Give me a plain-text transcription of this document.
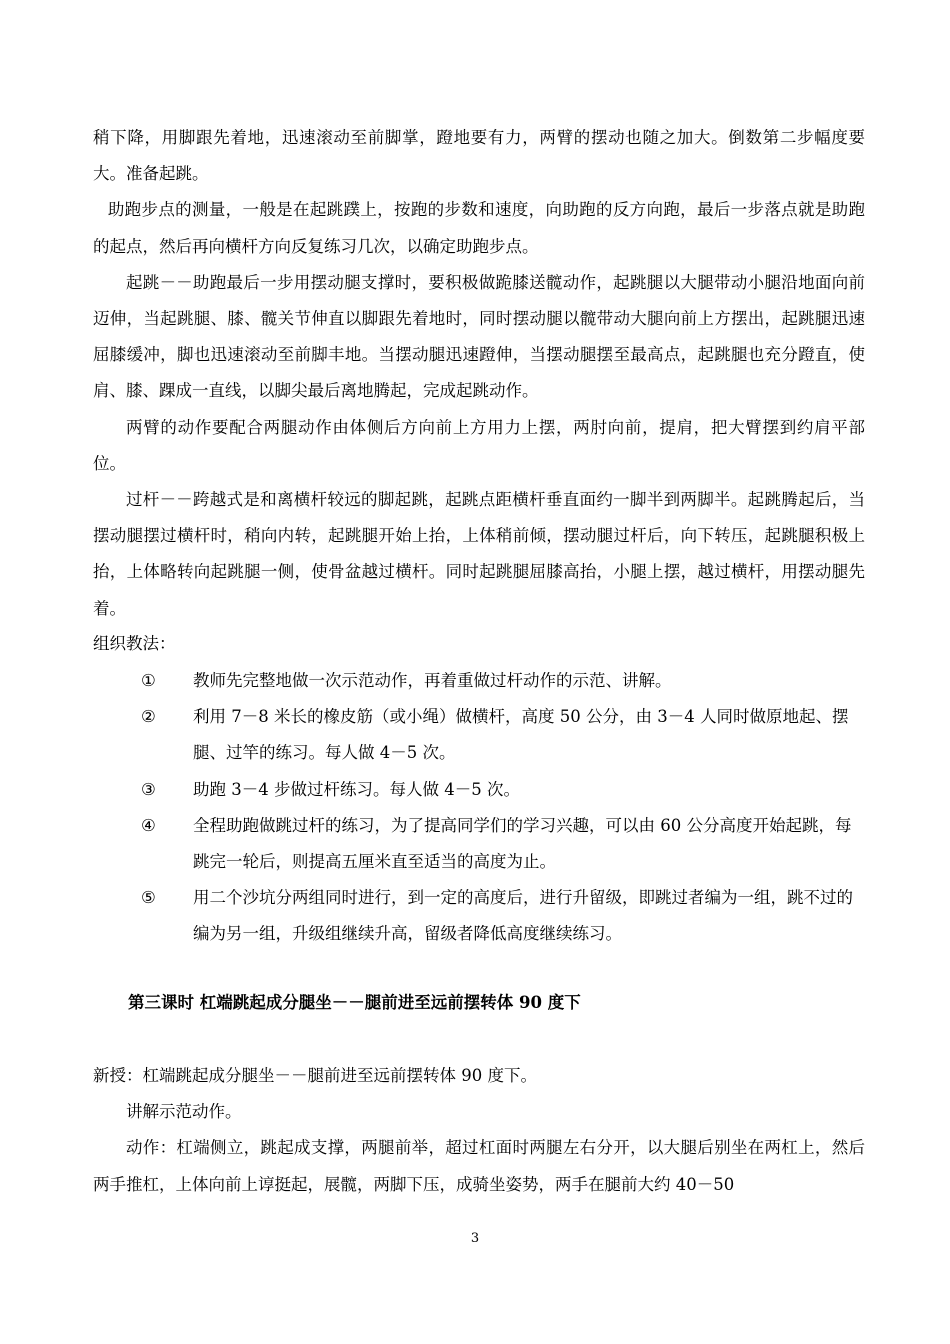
稍下降，用脚跟先着地，迅速滚动至前脚掌，蹬地要有力，两臂的摆动也随之加大。倒数第二步幅度要大。准备起跳。

助跑步点的测量，一般是在起跳蹼上，按跑的步数和速度，向助跑的反方向跑，最后一步落点就是助跑的起点，然后再向横杆方向反复练习几次，以确定助跑步点。

起跳－－助跑最后一步用摆动腿支撑时，要积极做跪膝送髋动作，起跳腿以大腿带动小腿沿地面向前迈伸，当起跳腿、膝、髋关节伸直以脚跟先着地时，同时摆动腿以髋带动大腿向前上方摆出，起跳腿迅速屈膝缓冲，脚也迅速滚动至前脚丰地。当摆动腿迅速蹬伸，当摆动腿摆至最高点，起跳腿也充分蹬直，使肩、膝、踝成一直线，以脚尖最后离地腾起，完成起跳动作。

两臂的动作要配合两腿动作由体侧后方向前上方用力上摆，两肘向前，提肩，把大臂摆到约肩平部位。

过杆－－跨越式是和离横杆较远的脚起跳，起跳点距横杆垂直面约一脚半到两脚半。起跳腾起后，当摆动腿摆过横杆时，稍向内转，起跳腿开始上抬，上体稍前倾，摆动腿过杆后，向下转压，起跳腿积极上抬，上体略转向起跳腿一侧，使骨盆越过横杆。同时起跳腿屈膝高抬，小腿上摆，越过横杆，用摆动腿先着。

组织教法：

① 教师先完整地做一次示范动作，再着重做过杆动作的示范、讲解。
② 利用 7－8 米长的橡皮筋（或小绳）做横杆，高度 50 公分，由 3－4 人同时做原地起、摆腿、过竿的练习。每人做 4－5 次。
③ 助跑 3－4 步做过杆练习。每人做 4－5 次。
④ 全程助跑做跳过杆的练习，为了提高同学们的学习兴趣，可以由 60 公分高度开始起跳，每跳完一轮后，则提高五厘米直至适当的高度为止。
⑤ 用二个沙坑分两组同时进行，到一定的高度后，进行升留级，即跳过者编为一组，跳不过的编为另一组，升级组继续升高，留级者降低高度继续练习。
第三课时 杠端跳起成分腿坐－－腿前进至远前摆转体 90 度下

新授：杠端跳起成分腿坐－－腿前进至远前摆转体 90 度下。

讲解示范动作。

动作：杠端侧立，跳起成支撑，两腿前举，超过杠面时两腿左右分开，以大腿后别坐在两杠上，然后两手推杠，上体向前上谆挺起，展髋，两脚下压，成骑坐姿势，两手在腿前大约 40－50

3
